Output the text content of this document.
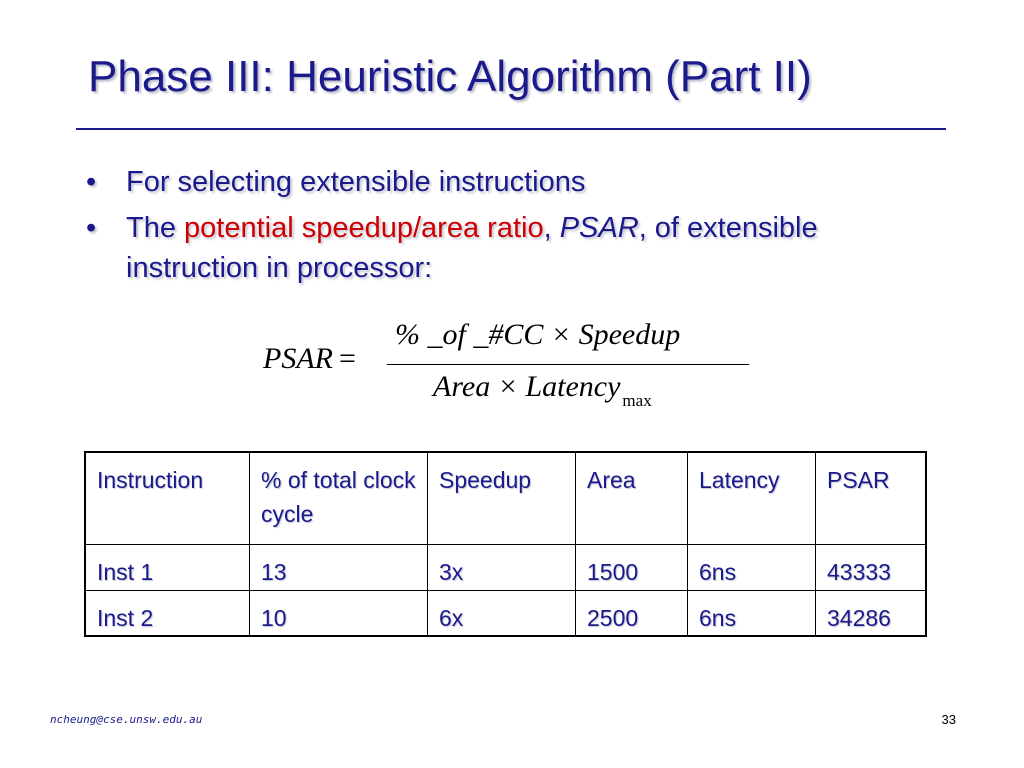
Phase III: Heuristic Algorithm (Part II)
• For selecting extensible instructions
• The potential speedup/area ratio, PSAR, of extensible instruction in processor:
PSAR =
% _of _#CC × Speedup
Area × Latency $_{max}$
Instruction	% of total clock cycle	Speedup	Area	Latency	PSAR
Inst 1	13	3x	1500	6ns	43333
Inst 2	10	6x	2500	6ns	34286
ncheung@cse.unsw.edu.au	33
